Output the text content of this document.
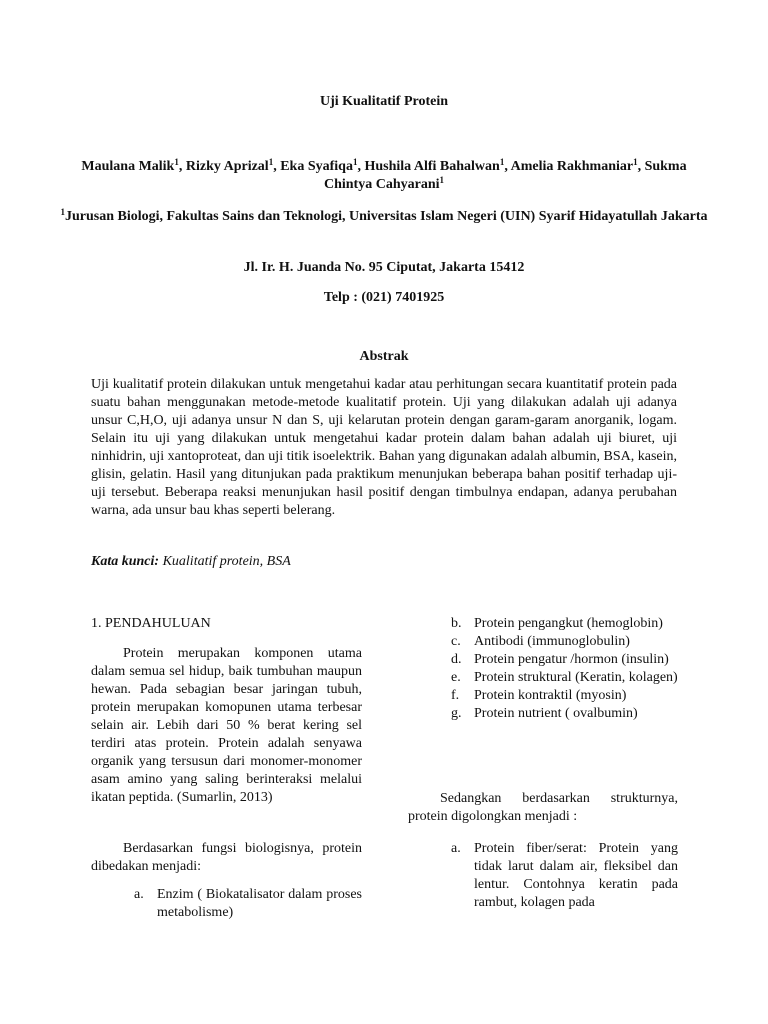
Uji Kualitatif Protein
Maulana Malik$^1$, Rizky Aprizal$^1$, Eka Syafiqa$^1$, Hushila Alfi Bahalwan$^1$, Amelia Rakhmaniar$^1$, Sukma Chintya Cahyarani$^1$
$^1$Jurusan Biologi, Fakultas Sains dan Teknologi, Universitas Islam Negeri (UIN) Syarif Hidayatullah Jakarta
Jl. Ir. H. Juanda No. 95 Ciputat, Jakarta 15412
Telp : (021) 7401925
Abstrak

Uji kualitatif protein dilakukan untuk mengetahui kadar atau perhitungan secara kuantitatif protein pada suatu bahan menggunakan metode-metode kualitatif protein. Uji yang dilakukan adalah uji adanya unsur C,H,O, uji adanya unsur N dan S, uji kelarutan protein dengan garam-garam anorganik, logam. Selain itu uji yang dilakukan untuk mengetahui kadar protein dalam bahan adalah uji biuret, uji ninhidrin, uji xantoproteat, dan uji titik isoelektrik. Bahan yang digunakan adalah albumin, BSA, kasein, glisin, gelatin. Hasil yang ditunjukan pada praktikum menunjukan beberapa bahan positif terhadap uji-uji tersebut. Beberapa reaksi menunjukan hasil positif dengan timbulnya endapan, adanya perubahan warna, ada unsur bau khas seperti belerang.

Kata kunci: Kualitatif protein, BSA

1. PENDAHULUAN

Protein merupakan komponen utama dalam semua sel hidup, baik tumbuhan maupun hewan. Pada sebagian besar jaringan tubuh, protein merupakan komopunen utama terbesar selain air. Lebih dari 50 % berat kering sel terdiri atas protein. Protein adalah senyawa organik yang tersusun dari monomer-monomer asam amino yang saling berinteraksi melalui ikatan peptida. (Sumarlin, 2013)

Berdasarkan fungsi biologisnya, protein dibedakan menjadi:

a. Enzim ( Biokatalisator dalam proses metabolisme)
b. Protein pengangkut (hemoglobin)
c. Antibodi (immunoglobulin)
d. Protein pengatur /hormon (insulin)
e. Protein struktural (Keratin, kolagen)
f. Protein kontraktil (myosin)
g. Protein nutrient ( ovalbumin)

Sedangkan berdasarkan strukturnya, protein digolongkan menjadi :

a. Protein fiber/serat: Protein yang tidak larut dalam air, fleksibel dan lentur. Contohnya keratin pada rambut, kolagen pada
